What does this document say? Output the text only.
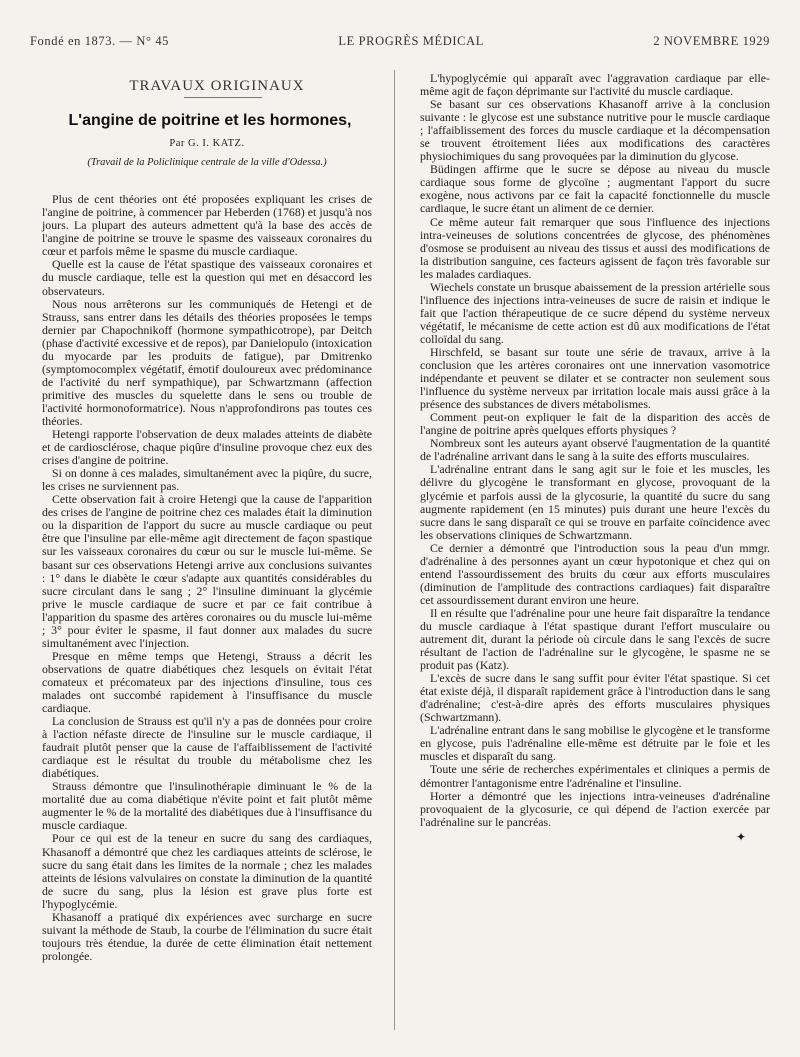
Fondé en 1873. — N° 45	LE PROGRÈS MÉDICAL	2 NOVEMBRE 1929
TRAVAUX ORIGINAUX
L'angine de poitrine et les hormones,
Par G. I. KATZ.
(Travail de la Policlinique centrale de la ville d'Odessa.)

Plus de cent théories ont été proposées expliquant les crises de l'angine de poitrine, à commencer par Heberden (1768) et jusqu'à nos jours. La plupart des auteurs admettent qu'à la base des accès de l'angine de poitrine se trouve le spasme des vaisseaux coronaires du cœur et parfois même le spasme du muscle cardiaque.

Quelle est la cause de l'état spastique des vaisseaux coronaires et du muscle cardiaque, telle est la question qui met en désaccord les observateurs.

Nous nous arrêterons sur les communiqués de Hetengi et de Strauss, sans entrer dans les détails des théories proposées le temps dernier par Chapochnikoff (hormone sympathicotrope), par Deitch (phase d'activité excessive et de repos), par Danielopulo (intoxication du myocarde par les produits de fatigue), par Dmitrenko (symptomocomplex végétatif, émotif douloureux avec prédominance de l'activité du nerf sympathique), par Schwartzmann (affection primitive des muscles du squelette dans le sens ou trouble de l'activité hormonoformatrice). Nous n'approfondirons pas toutes ces théories.

Hetengi rapporte l'observation de deux malades atteints de diabète et de cardiosclérose, chaque piqûre d'insuline provoque chez eux des crises d'angine de poitrine.

Si on donne à ces malades, simultanément avec la piqûre, du sucre, les crises ne surviennent pas.

Cette observation fait à croire Hetengi que la cause de l'apparition des crises de l'angine de poitrine chez ces malades était la diminution ou la disparition de l'apport du sucre au muscle cardiaque ou peut être que l'insuline par elle-même agit directement de façon spastique sur les vaisseaux coronaires du cœur ou sur le muscle lui-même. Se basant sur ces observations Hetengi arrive aux conclusions suivantes : 1° dans le diabète le cœur s'adapte aux quantités considérables du sucre circulant dans le sang ; 2° l'insuline diminuant la glycémie prive le muscle cardiaque de sucre et par ce fait contribue à l'apparition du spasme des artères coronaires ou du muscle lui-même ; 3° pour éviter le spasme, il faut donner aux malades du sucre simultanément avec l'injection.

Presque en même temps que Hetengi, Strauss a décrit les observations de quatre diabétiques chez lesquels on évitait l'état comateux et précomateux par des injections d'insuline, tous ces malades ont succombé rapidement à l'insuffisance du muscle cardiaque.

La conclusion de Strauss est qu'il n'y a pas de données pour croire à l'action néfaste directe de l'insuline sur le muscle cardiaque, il faudrait plutôt penser que la cause de l'affaiblissement de l'activité cardiaque est le résultat du trouble du métabolisme chez les diabétiques.

Strauss démontre que l'insulinothérapie diminuant le % de la mortalité due au coma diabétique n'évite point et fait plutôt même augmenter le % de la mortalité des diabétiques due à l'insuffisance du muscle cardiaque.

Pour ce qui est de la teneur en sucre du sang des cardiaques, Khasanoff a démontré que chez les cardiaques atteints de sclérose, le sucre du sang était dans les limites de la normale ; chez les malades atteints de lésions valvulaires on constate la diminution de la quantité de sucre du sang, plus la lésion est grave plus forte est l'hypoglycémie.

Khasanoff a pratiqué dix expériences avec surcharge en sucre suivant la méthode de Staub, la courbe de l'élimination du sucre était toujours très étendue, la durée de cette élimination était nettement prolongée.

L'hypoglycémie qui apparaît avec l'aggravation cardiaque par elle-même agit de façon déprimante sur l'activité du muscle cardiaque.

Se basant sur ces observations Khasanoff arrive à la conclusion suivante : le glycose est une substance nutritive pour le muscle cardiaque ; l'affaiblissement des forces du muscle cardiaque et la décompensation se trouvent étroitement liées aux modifications des caractères physiochimiques du sang provoquées par la diminution du glycose.

Büdingen affirme que le sucre se dépose au niveau du muscle cardiaque sous forme de glycoïne ; augmentant l'apport du sucre exogène, nous activons par ce fait la capacité fonctionnelle du muscle cardiaque, le sucre étant un aliment de ce dernier.

Ce même auteur fait remarquer que sous l'influence des injections intra-veineuses de solutions concentrées de glycose, des phénomènes d'osmose se produisent au niveau des tissus et aussi des modifications de la distribution sanguine, ces facteurs agissent de façon très favorable sur les malades cardiaques.

Wiechels constate un brusque abaissement de la pression artérielle sous l'influence des injections intra-veineuses de sucre de raisin et indique le fait que l'action thérapeutique de ce sucre dépend du système nerveux végétatif, le mécanisme de cette action est dû aux modifications de l'état colloïdal du sang.

Hirschfeld, se basant sur toute une série de travaux, arrive à la conclusion que les artères coronaires ont une innervation vasomotrice indépendante et peuvent se dilater et se contracter non seulement sous l'influence du système nerveux par irritation locale mais aussi grâce à la présence des substances de divers métabolismes.

Comment peut-on expliquer le fait de la disparition des accès de l'angine de poitrine après quelques efforts physiques ?

Nombreux sont les auteurs ayant observé l'augmentation de la quantité de l'adrénaline arrivant dans le sang à la suite des efforts musculaires.

L'adrénaline entrant dans le sang agit sur le foie et les muscles, les délivre du glycogène le transformant en glycose, provoquant de la glycémie et parfois aussi de la glycosurie, la quantité du sucre du sang augmente rapidement (en 15 minutes) puis durant une heure l'excès du sucre dans le sang disparaît ce qui se trouve en parfaite coïncidence avec les observations cliniques de Schwartzmann.

Ce dernier a démontré que l'introduction sous la peau d'un mmgr. d'adrénaline à des personnes ayant un cœur hypotonique et chez qui on entend l'assourdissement des bruits du cœur aux efforts musculaires (diminution de l'amplitude des contractions cardiaques) fait disparaître cet assourdissement durant environ une heure.

Il en résulte que l'adrénaline pour une heure fait disparaître la tendance du muscle cardiaque à l'état spastique durant l'effort musculaire ou autrement dit, durant la période où circule dans le sang l'excès de sucre résultant de l'action de l'adrénaline sur le glycogène, le spasme ne se produit pas (Katz).

L'excès de sucre dans le sang suffit pour éviter l'état spastique. Si cet état existe déjà, il disparaît rapidement grâce à l'introduction dans le sang d'adrénaline; c'est-à-dire après des efforts musculaires physiques (Schwartzmann).

L'adrénaline entrant dans le sang mobilise le glycogène et le transforme en glycose, puis l'adrénaline elle-même est détruite par le foie et les muscles et disparaît du sang.

Toute une série de recherches expérimentales et cliniques a permis de démontrer l'antagonisme entre l'adrénaline et l'insuline.

Horter a démontré que les injections intra-veineuses d'adrénaline provoquaient de la glycosurie, ce qui dépend de l'action exercée par l'adrénaline sur le pancréas.

✦
